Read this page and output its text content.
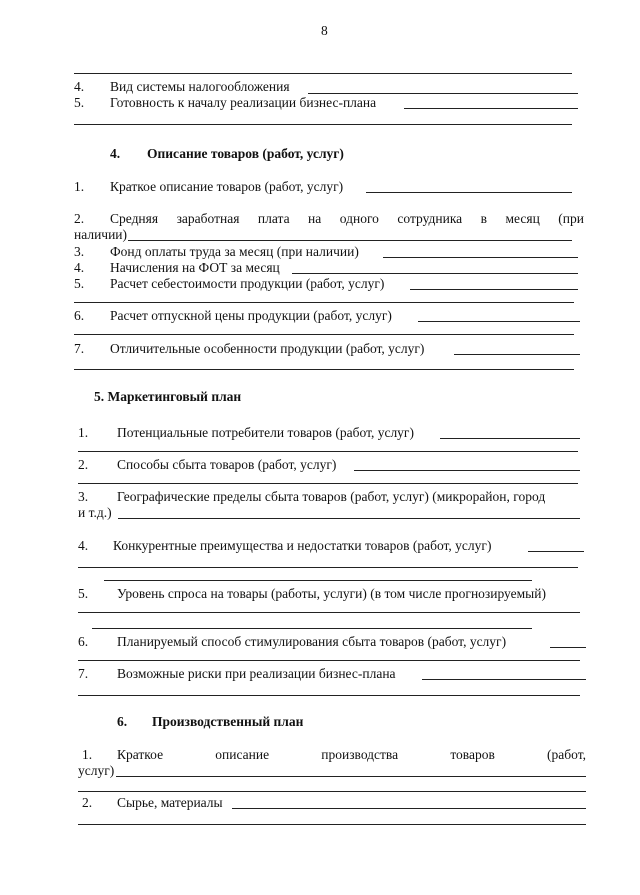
8
4. Вид системы налогообложения
5. Готовность к началу реализации бизнес-плана
4. Описание товаров (работ, услуг)
1. Краткое описание товаров (работ, услуг)
2. Средняя заработная плата на одного сотрудника в месяц (при
наличии)
3. Фонд оплаты труда за месяц (при наличии)
4. Начисления на ФОТ за месяц
5. Расчет себестоимости продукции (работ, услуг)
6. Расчет отпускной цены продукции (работ, услуг)
7. Отличительные особенности продукции (работ, услуг)
5. Маркетинговый план
1. Потенциальные потребители товаров (работ, услуг)
2. Способы сбыта товаров (работ, услуг)
3. Географические пределы сбыта товаров (работ, услуг) (микрорайон, город
и т.д.)
4. Конкурентные преимущества и недостатки товаров (работ, услуг)
5. Уровень спроса на товары (работы, услуги) (в том числе прогнозируемый)
6. Планируемый способ стимулирования сбыта товаров (работ, услуг)
7. Возможные риски при реализации бизнес-плана
6. Производственный план
1. Краткое	описание	производства	товаров	(работ,
услуг)
2. Сырье, материалы
